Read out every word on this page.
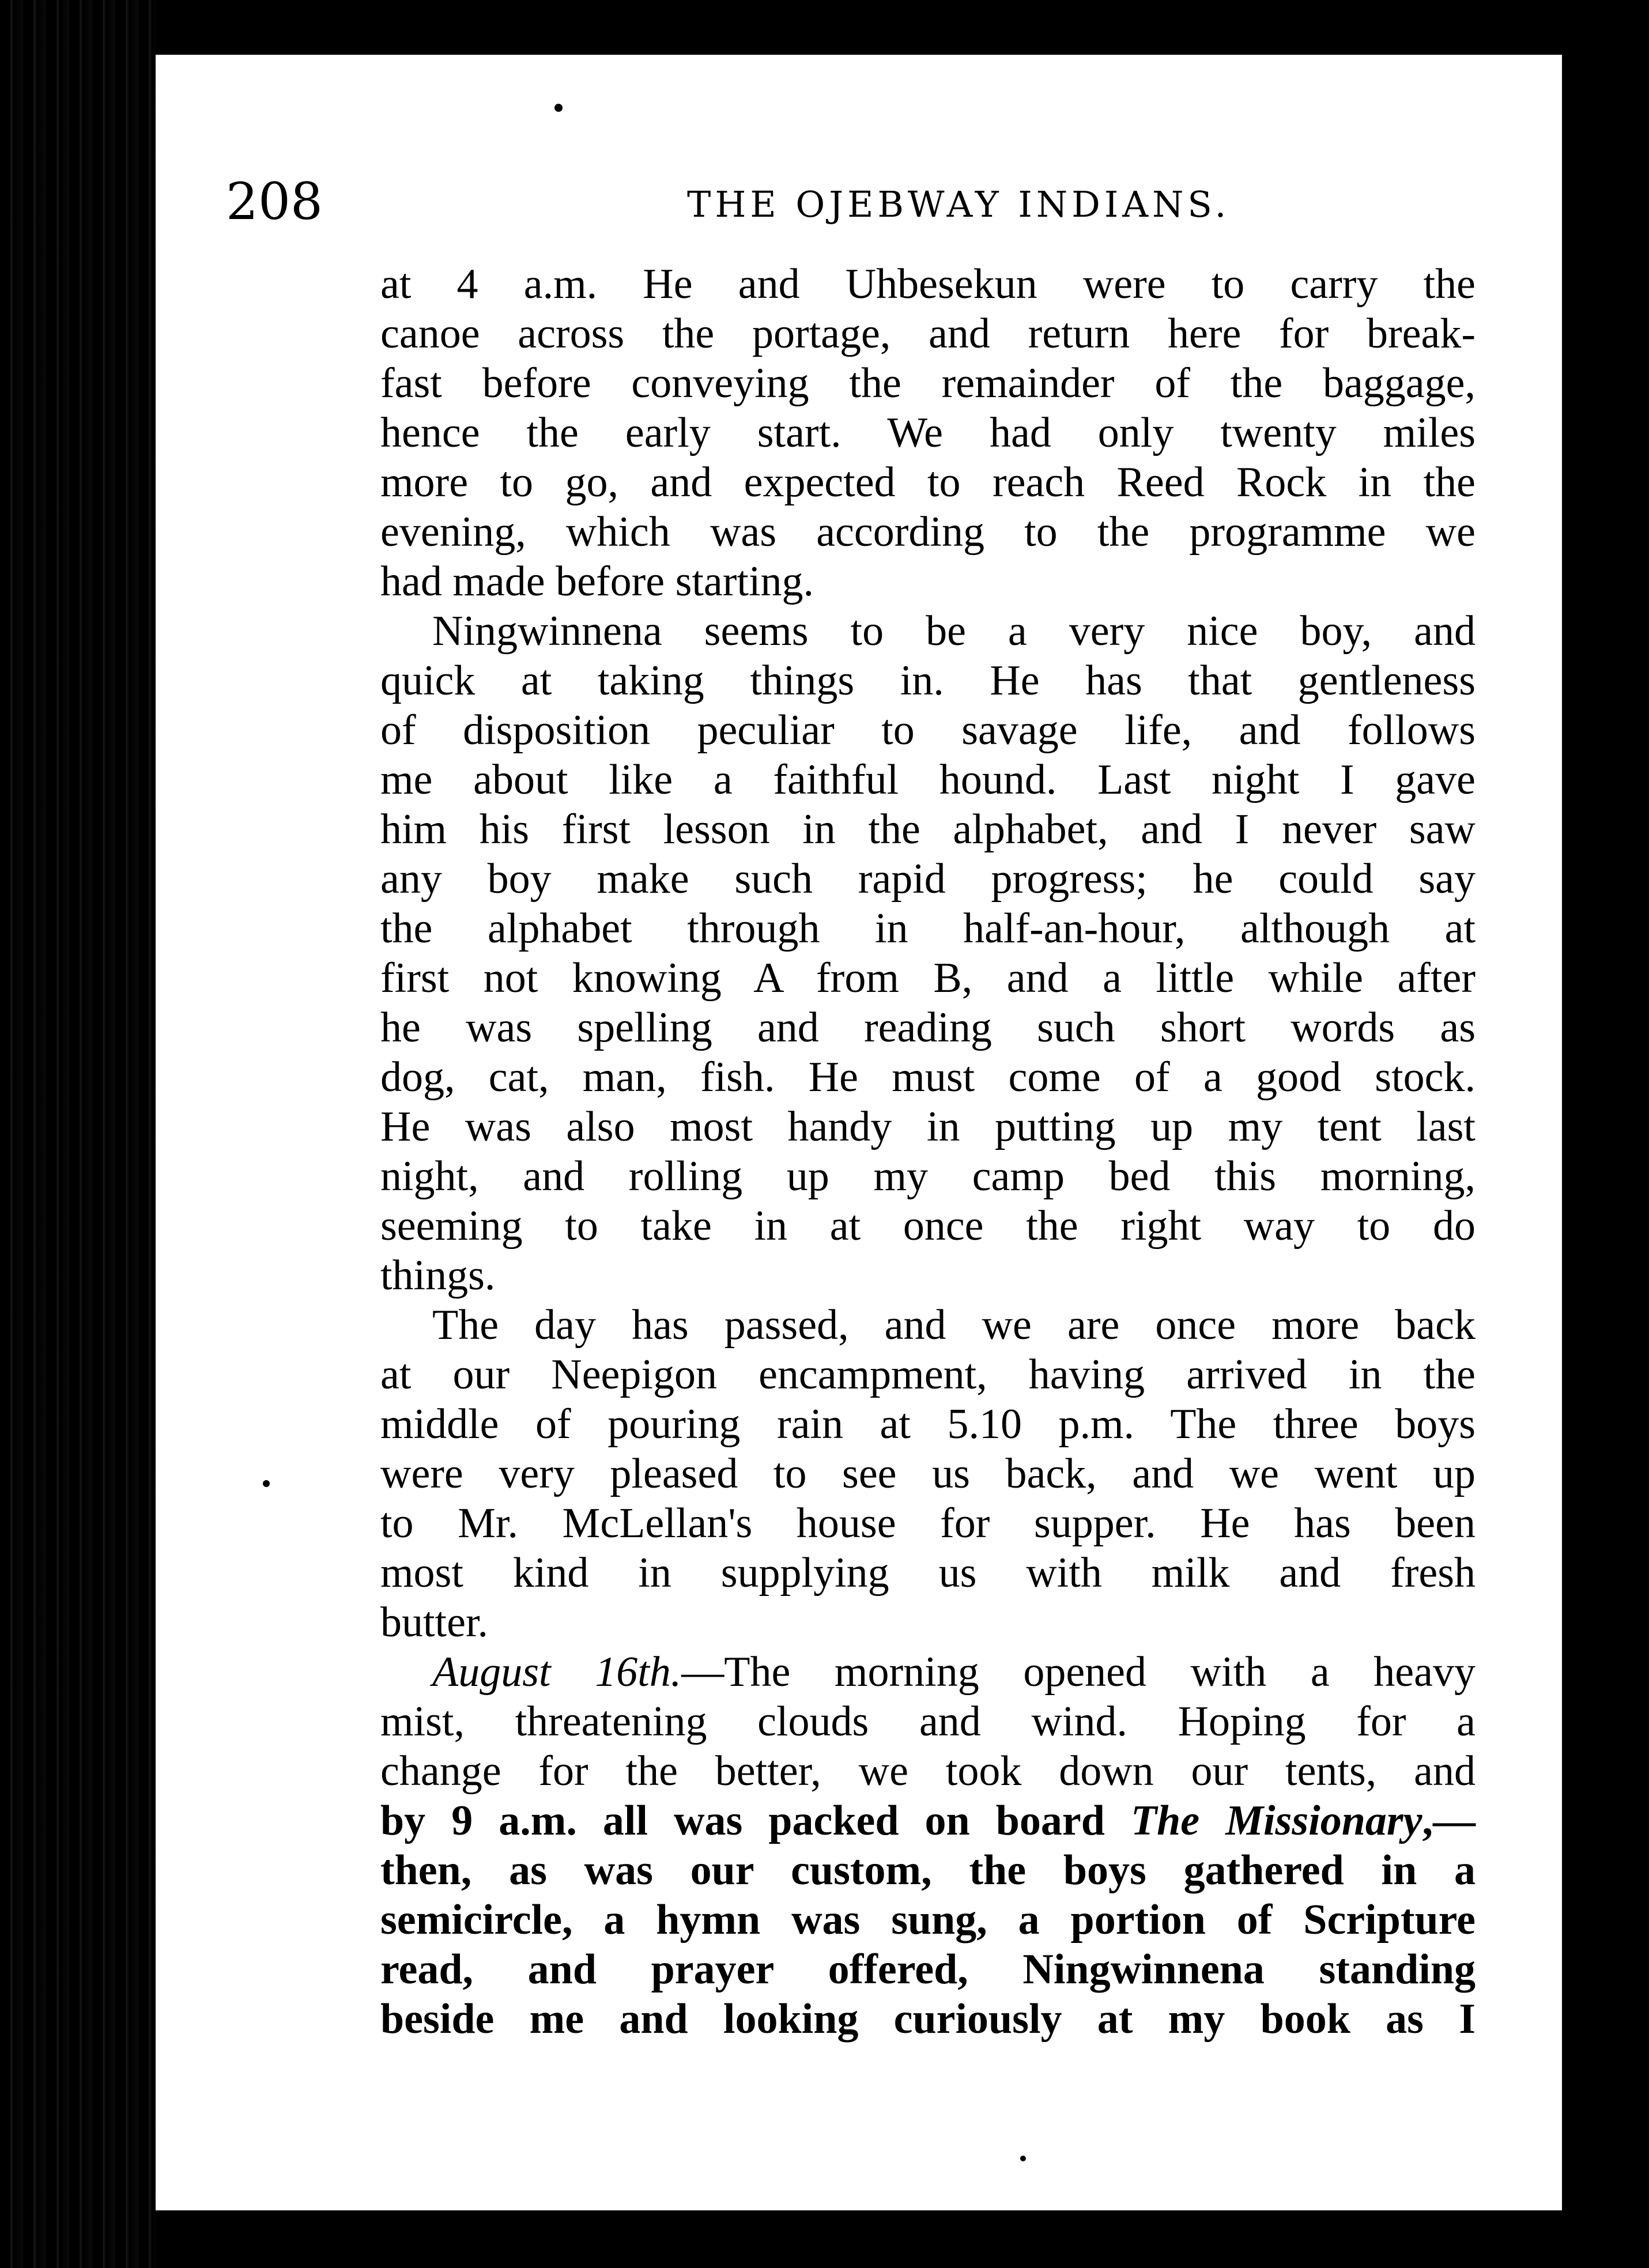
208	THE OJEBWAY INDIANS.
at 4 a.m. He and Uhbesekun were to carry the
canoe across the portage, and return here for break-
fast before conveying the remainder of the baggage,
hence the early start. We had only twenty miles
more to go, and expected to reach Reed Rock in the
evening, which was according to the programme we
had made before starting.
Ningwinnena seems to be a very nice boy, and
quick at taking things in. He has that gentleness
of disposition peculiar to savage life, and follows
me about like a faithful hound. Last night I gave
him his first lesson in the alphabet, and I never saw
any boy make such rapid progress; he could say
the alphabet through in half-an-hour, although at
first not knowing A from B, and a little while after
he was spelling and reading such short words as
dog, cat, man, fish. He must come of a good stock.
He was also most handy in putting up my tent last
night, and rolling up my camp bed this morning,
seeming to take in at once the right way to do
things.
The day has passed, and we are once more back
at our Neepigon encampment, having arrived in the
middle of pouring rain at 5.10 p.m. The three boys
were very pleased to see us back, and we went up
to Mr. McLellan's house for supper. He has been
most kind in supplying us with milk and fresh
butter.
August 16th.—The morning opened with a heavy
mist, threatening clouds and wind. Hoping for a
change for the better, we took down our tents, and
by 9 a.m. all was packed on board The Missionary,—
then, as was our custom, the boys gathered in a
semicircle, a hymn was sung, a portion of Scripture
read, and prayer offered, Ningwinnena standing
beside me and looking curiously at my book as I
